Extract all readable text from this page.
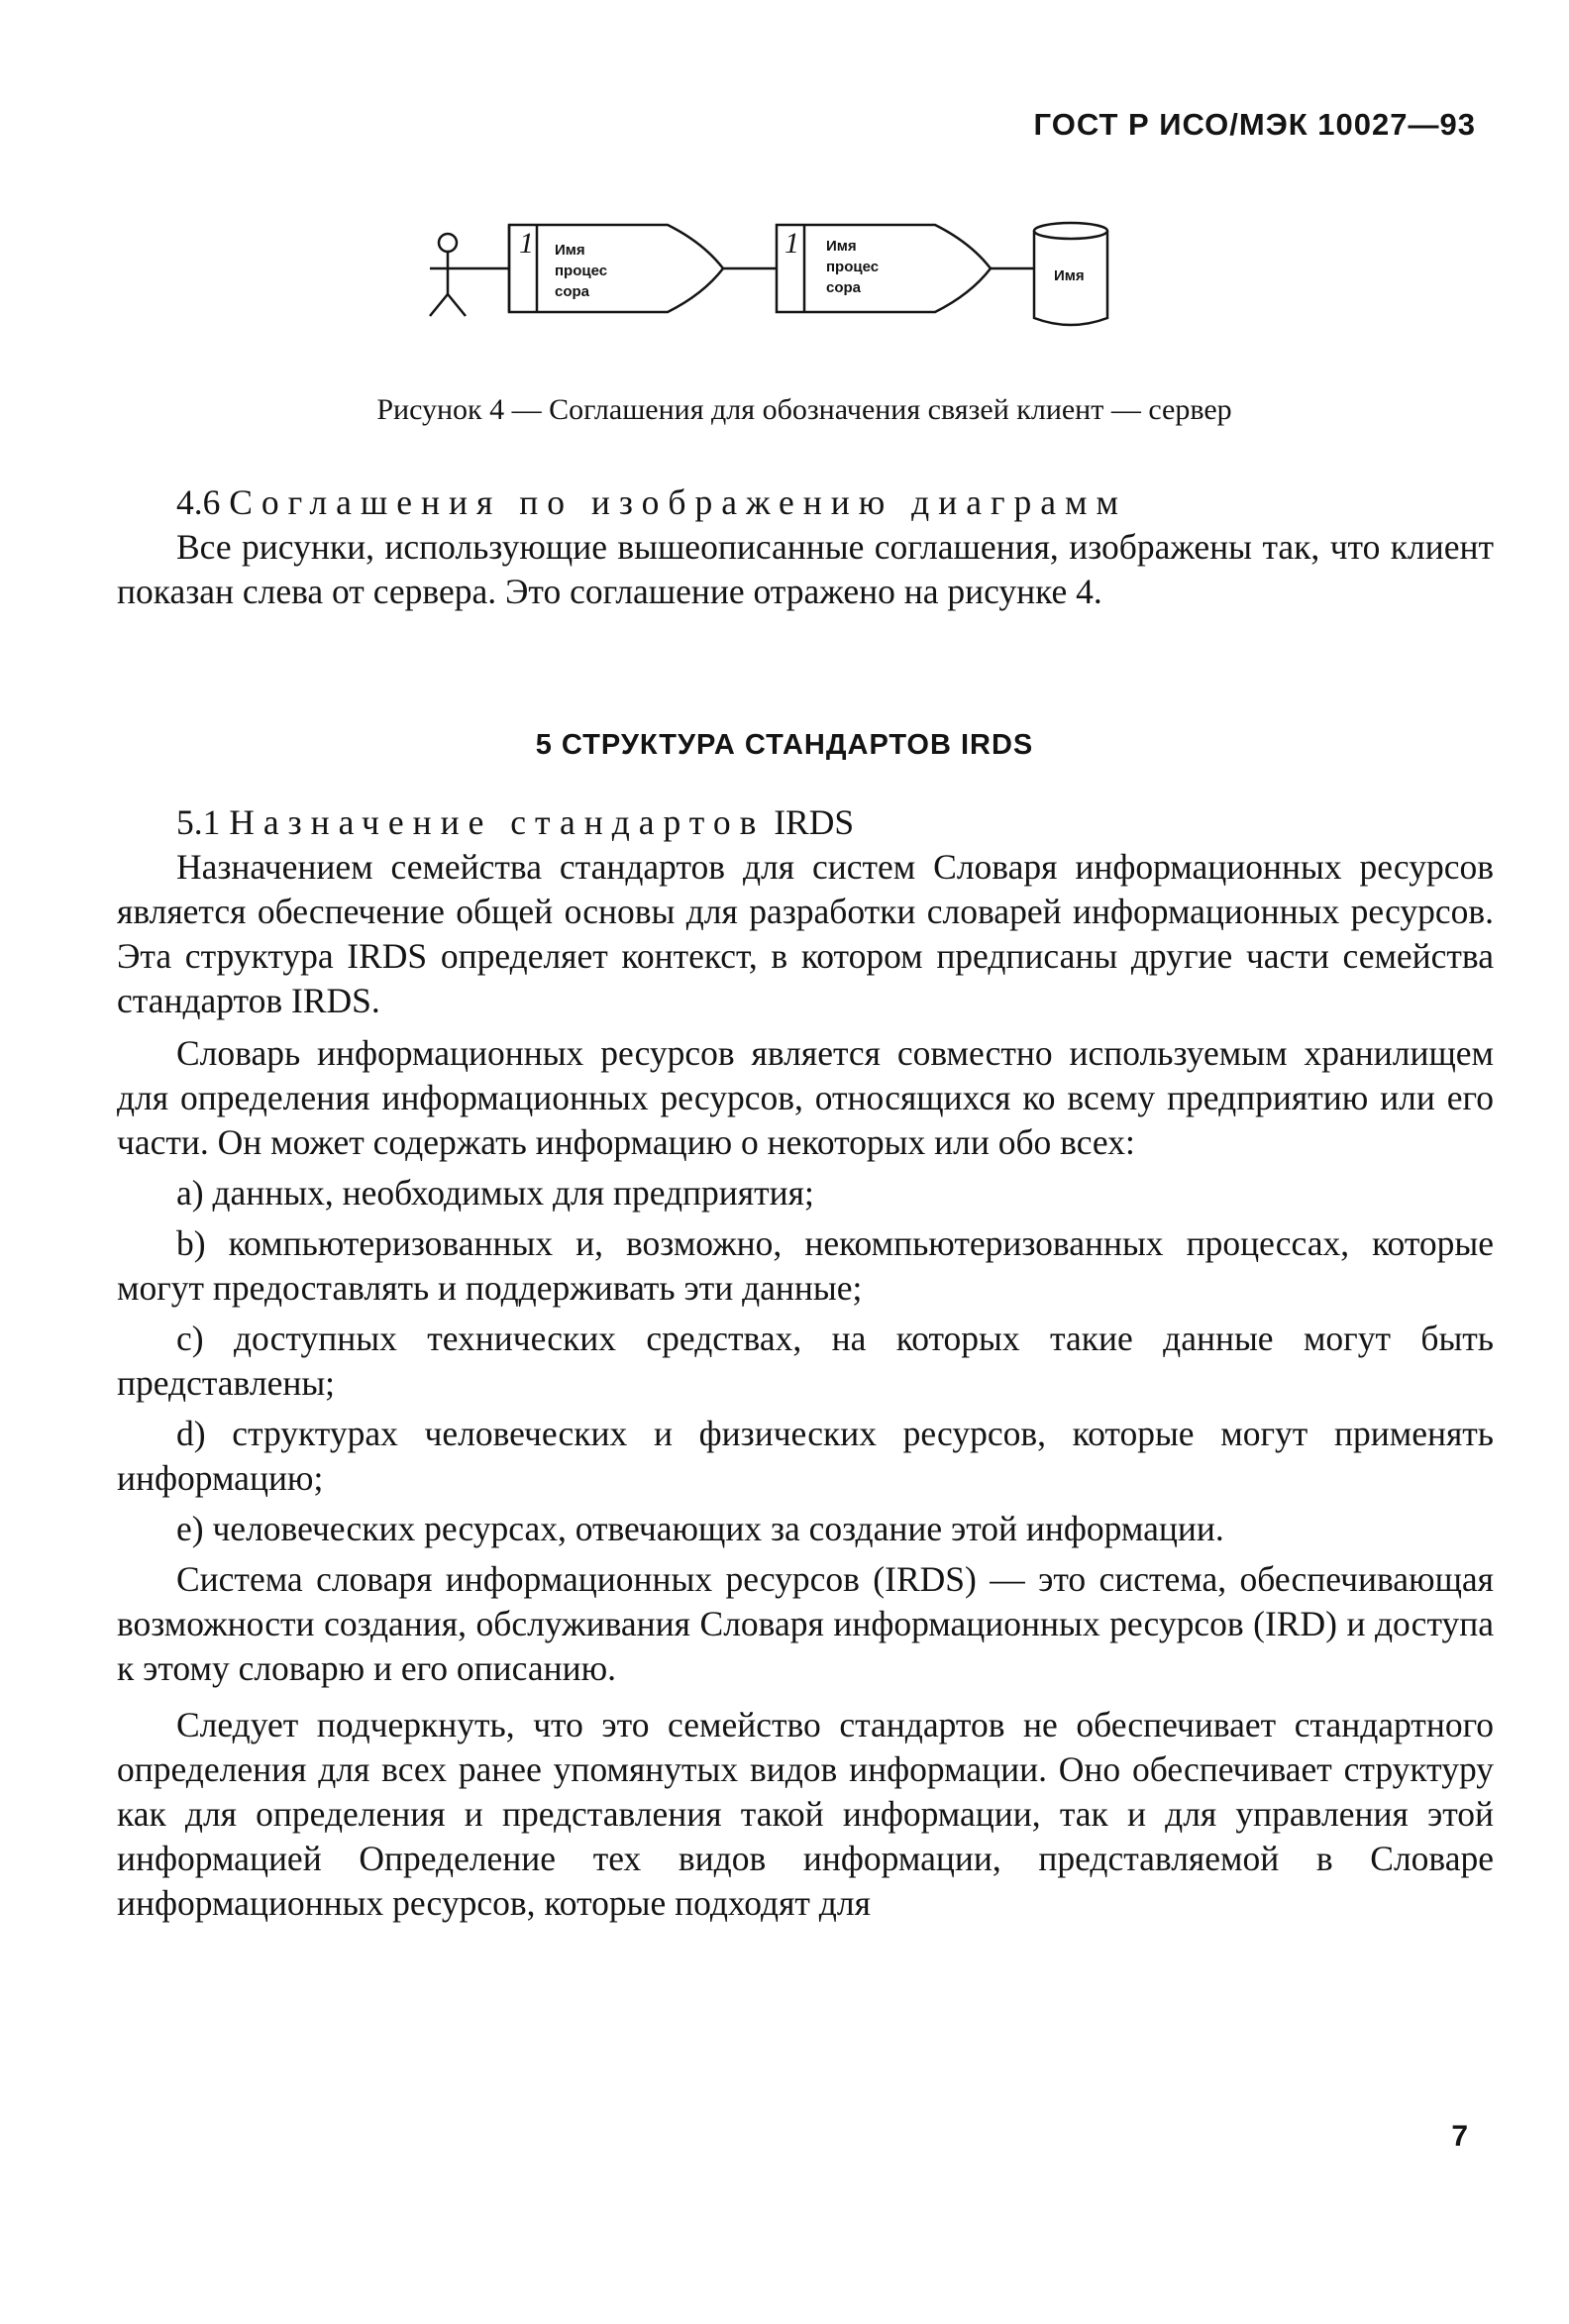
ГОСТ Р ИСО/МЭК 10027—93
1 Имя
процес
сора
1 Имя
процес
сора
Имя
Рисунок 4 — Соглашения для обозначения связей клиент — сервер

4.6 Соглашения по изображению диаграмм

Все рисунки, использующие вышеописанные соглашения, изображены так, что клиент показан слева от сервера. Это соглашение отражено на рисунке 4.

5 СТРУКТУРА СТАНДАРТОВ IRDS

5.1 Назначение стандартов IRDS

Назначением семейства стандартов для систем Словаря информационных ресурсов является обеспечение общей основы для разработки словарей информационных ресурсов. Эта структура IRDS определяет контекст, в котором предписаны другие части семейства стандартов IRDS.

Словарь информационных ресурсов является совместно используемым хранилищем для определения информационных ресурсов, относящихся ко всему предприятию или его части. Он может содержать информацию о некоторых или обо всех:

а) данных, необходимых для предприятия;

b) компьютеризованных и, возможно, некомпьютеризованных процессах, которые могут предоставлять и поддерживать эти данные;

c) доступных технических средствах, на которых такие данные могут быть представлены;

d) структурах человеческих и физических ресурсов, которые могут применять информацию;

e) человеческих ресурсах, отвечающих за создание этой информации.

Система словаря информационных ресурсов (IRDS) — это система, обеспечивающая возможности создания, обслуживания Словаря информационных ресурсов (IRD) и доступа к этому словарю и его описанию.

Следует подчеркнуть, что это семейство стандартов не обеспечивает стандартного определения для всех ранее упомянутых видов информации. Оно обеспечивает структуру как для определения и представления такой информации, так и для управления этой информацией Определение тех видов информации, представляемой в Словаре информационных ресурсов, которые подходят для

7
